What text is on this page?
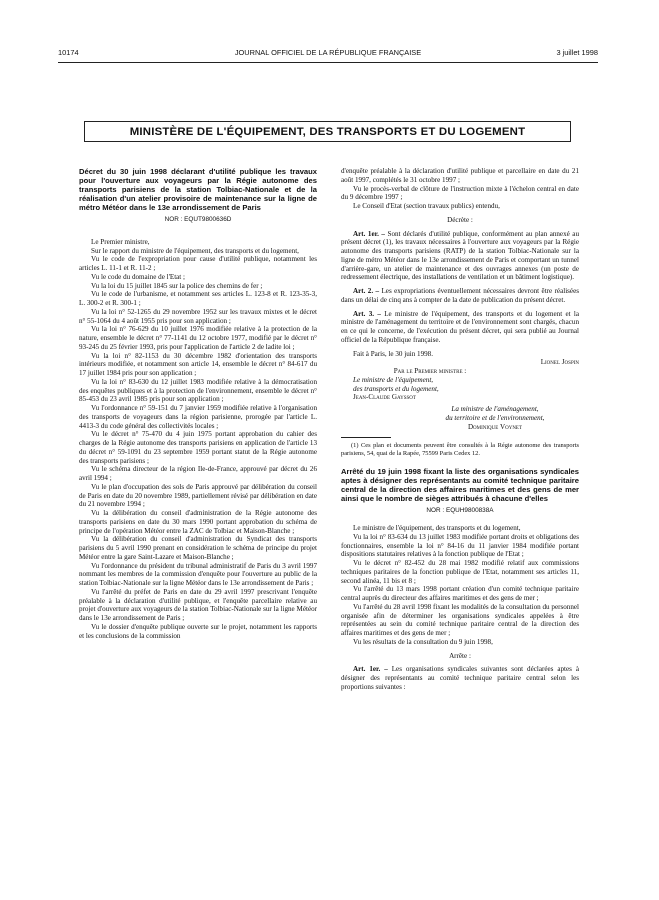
10174	JOURNAL OFFICIEL DE LA RÉPUBLIQUE FRANÇAISE	3 juillet 1998
MINISTÈRE DE L'ÉQUIPEMENT, DES TRANSPORTS ET DU LOGEMENT

Décret du 30 juin 1998 déclarant d'utilité publique les travaux pour l'ouverture aux voyageurs par la Régie autonome des transports parisiens de la station Tolbiac-Nationale et de la réalisation d'un atelier provisoire de maintenance sur la ligne de métro Météor dans le 13e arrondissement de Paris

NOR : EQUT9800636D

Le Premier ministre,

Sur le rapport du ministre de l'équipement, des transports et du logement,

Vu le code de l'expropriation pour cause d'utilité publique, notamment les articles L. 11-1 et R. 11-2 ;

Vu le code du domaine de l'Etat ;

Vu la loi du 15 juillet 1845 sur la police des chemins de fer ;

Vu le code de l'urbanisme, et notamment ses articles L. 123-8 et R. 123-35-3, L. 300-2 et R. 300-1 ;

Vu la loi n° 52-1265 du 29 novembre 1952 sur les travaux mixtes et le décret n° 55-1064 du 4 août 1955 pris pour son application ;

Vu la loi n° 76-629 du 10 juillet 1976 modifiée relative à la protection de la nature, ensemble le décret n° 77-1141 du 12 octobre 1977, modifié par le décret n° 93-245 du 25 février 1993, pris pour l'application de l'article 2 de ladite loi ;

Vu la loi n° 82-1153 du 30 décembre 1982 d'orientation des transports intérieurs modifiée, et notamment son article 14, ensemble le décret n° 84-617 du 17 juillet 1984 pris pour son application ;

Vu la loi n° 83-630 du 12 juillet 1983 modifiée relative à la démocratisation des enquêtes publiques et à la protection de l'environnement, ensemble le décret n° 85-453 du 23 avril 1985 pris pour son application ;

Vu l'ordonnance n° 59-151 du 7 janvier 1959 modifiée relative à l'organisation des transports de voyageurs dans la région parisienne, prorogée par l'article L. 4413-3 du code général des collectivités locales ;

Vu le décret n° 75-470 du 4 juin 1975 portant approbation du cahier des charges de la Régie autonome des transports parisiens en application de l'article 13 du décret n° 59-1091 du 23 septembre 1959 portant statut de la Régie autonome des transports parisiens ;

Vu le schéma directeur de la région Ile-de-France, approuvé par décret du 26 avril 1994 ;

Vu le plan d'occupation des sols de Paris approuvé par délibération du conseil de Paris en date du 20 novembre 1989, partiellement révisé par délibération en date du 21 novembre 1994 ;

Vu la délibération du conseil d'administration de la Régie autonome des transports parisiens en date du 30 mars 1990 portant approbation du schéma de principe de l'opération Météor entre la ZAC de Tolbiac et Maison-Blanche ;

Vu la délibération du conseil d'administration du Syndicat des transports parisiens du 5 avril 1990 prenant en considération le schéma de principe du projet Météor entre la gare Saint-Lazare et Maison-Blanche ;

Vu l'ordonnance du président du tribunal administratif de Paris du 3 avril 1997 nommant les membres de la commission d'enquête pour l'ouverture au public de la station Tolbiac-Nationale sur la ligne Météor dans le 13e arrondissement de Paris ;

Vu l'arrêté du préfet de Paris en date du 29 avril 1997 prescrivant l'enquête préalable à la déclaration d'utilité publique, et l'enquête parcellaire relative au projet d'ouverture aux voyageurs de la station Tolbiac-Nationale sur la ligne Météor dans le 13e arrondissement de Paris ;

Vu le dossier d'enquête publique ouverte sur le projet, notamment les rapports et les conclusions de la commission

d'enquête préalable à la déclaration d'utilité publique et parcellaire en date du 21 août 1997, complétés le 31 octobre 1997 ;

Vu le procès-verbal de clôture de l'instruction mixte à l'échelon central en date du 9 décembre 1997 ;

Le Conseil d'Etat (section travaux publics) entendu,

Décrète :

Art. 1er. – Sont déclarés d'utilité publique, conformément au plan annexé au présent décret (1), les travaux nécessaires à l'ouverture aux voyageurs par la Régie autonome des transports parisiens (RATP) de la station Tolbiac-Nationale sur la ligne de métro Météor dans le 13e arrondissement de Paris et comportant un tunnel d'arrière-gare, un atelier de maintenance et des ouvrages annexes (un poste de redressement électrique, des installations de ventilation et un bâtiment logistique).

Art. 2. – Les expropriations éventuellement nécessaires devront être réalisées dans un délai de cinq ans à compter de la date de publication du présent décret.

Art. 3. – Le ministre de l'équipement, des transports et du logement et la ministre de l'aménagement du territoire et de l'environnement sont chargés, chacun en ce qui le concerne, de l'exécution du présent décret, qui sera publié au Journal officiel de la République française.

Fait à Paris, le 30 juin 1998.

Lionel Jospin

Par le Premier ministre :

Le ministre de l'équipement,

des transports et du logement,

Jean-Claude Gayssot

La ministre de l'aménagement,

du territoire et de l'environnement,

Dominique Voynet

(1) Ces plan et documents peuvent être consultés à la Régie autonome des transports parisiens, 54, quai de la Rapée, 75599 Paris Cedex 12.

Arrêté du 19 juin 1998 fixant la liste des organisations syndicales aptes à désigner des représentants au comité technique paritaire central de la direction des affaires maritimes et des gens de mer ainsi que le nombre de sièges attribués à chacune d'elles

NOR : EQUH9800838A

Le ministre de l'équipement, des transports et du logement,

Vu la loi n° 83-634 du 13 juillet 1983 modifiée portant droits et obligations des fonctionnaires, ensemble la loi n° 84-16 du 11 janvier 1984 modifiée portant dispositions statutaires relatives à la fonction publique de l'Etat ;

Vu le décret n° 82-452 du 28 mai 1982 modifié relatif aux commissions techniques paritaires de la fonction publique de l'Etat, notamment ses articles 11, second alinéa, 11 bis et 8 ;

Vu l'arrêté du 13 mars 1998 portant création d'un comité technique paritaire central auprès du directeur des affaires maritimes et des gens de mer ;

Vu l'arrêté du 28 avril 1998 fixant les modalités de la consultation du personnel organisée afin de déterminer les organisations syndicales appelées à être représentées au sein du comité technique paritaire central de la direction des affaires maritimes et des gens de mer ;

Vu les résultats de la consultation du 9 juin 1998,

Arrête :

Art. 1er. – Les organisations syndicales suivantes sont déclarées aptes à désigner des représentants au comité technique paritaire central selon les proportions suivantes :
